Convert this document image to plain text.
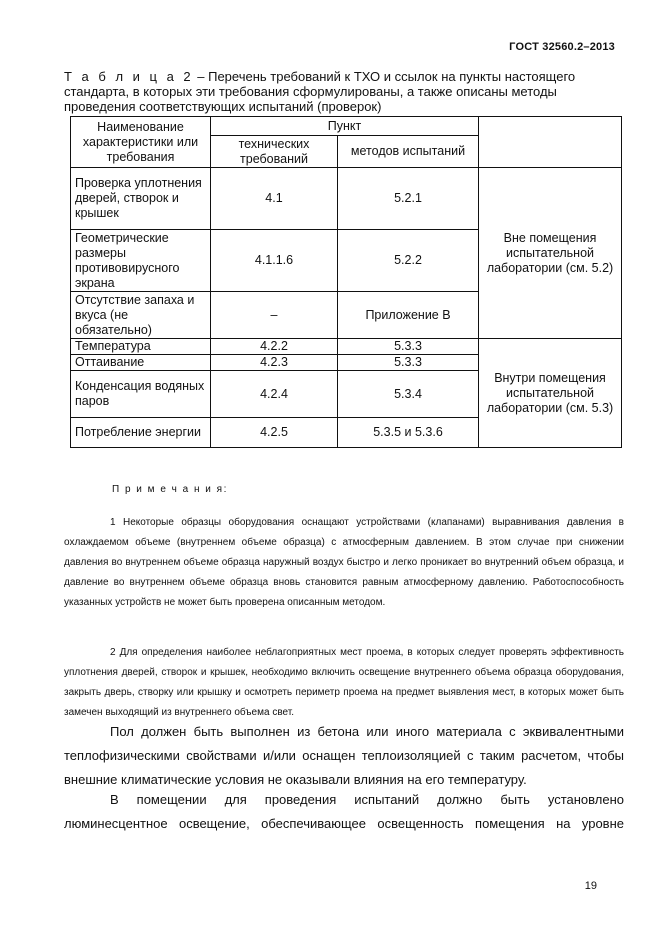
ГОСТ 32560.2–2013
Т а б л и ц а 2 – Перечень требований к ТХО и ссылок на пункты настоящего стандарта, в которых эти требования сформулированы, а также описаны методы проведения соответствующих испытаний (проверок)
Наименование характеристики или требования	Пункт		
	технических требований	методов испытаний	
Проверка уплотнения дверей, створок и крышек	4.1	5.2.1	Вне помещения испытательной лаборатории (см. 5.2)
Геометрические размеры противовирусного экрана	4.1.1.6	5.2.2	
Отсутствие запаха и вкуса (не обязательно)	–	Приложение В	
Температура	4.2.2	5.3.3	Внутри помещения испытательной лаборатории (см. 5.3)
Оттаивание	4.2.3	5.3.3	
Конденсация водяных паров	4.2.4	5.3.4	
Потребление энергии	4.2.5	5.3.5 и 5.3.6	
П р и м е ч а н и я:
1 Некоторые образцы оборудования оснащают устройствами (клапанами) выравнивания давления в охлаждаемом объеме (внутреннем объеме образца) с атмосферным давлением. В этом случае при снижении давления во внутреннем объеме образца наружный воздух быстро и легко проникает во внутренний объем образца, и давление во внутреннем объеме образца вновь становится равным атмосферному давлению. Работоспособность указанных устройств не может быть проверена описанным методом.
2 Для определения наиболее неблагоприятных мест проема, в которых следует проверять эффективность уплотнения дверей, створок и крышек, необходимо включить освещение внутреннего объема образца оборудования, закрыть дверь, створку или крышку и осмотреть периметр проема на предмет выявления мест, в которых может быть замечен выходящий из внутреннего объема свет.
Пол должен быть выполнен из бетона или иного материала с эквивалентными теплофизическими свойствами и/или оснащен теплоизоляцией с таким расчетом, чтобы внешние климатические условия не оказывали влияния на его температуру.
В помещении для проведения испытаний должно быть установлено люминесцентное освещение, обеспечивающее освещенность помещения на уровне
19
